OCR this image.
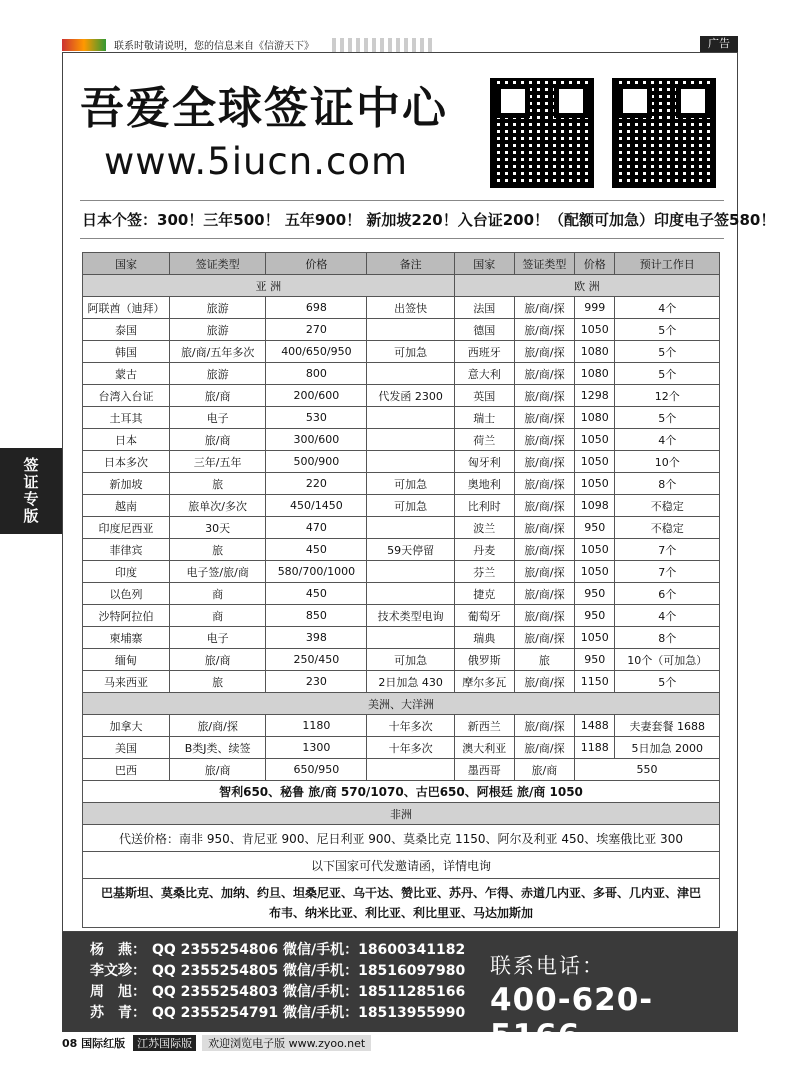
联系时敬请说明，您的信息来自《信游天下》	广告
签证专版
吾爱全球签证中心
www.5iucn.com
日本个签：300！三年500！ 五年900！ 新加坡220！入台证200！（配额可加急）印度电子签580！
国家	签证类型	价格	备注	国家	签证类型	价格	预计工作日
亚 洲				欧 洲			
阿联酋（迪拜）	旅游	698	出签快	法国	旅/商/探	999	4个
泰国	旅游	270		德国	旅/商/探	1050	5个
韩国	旅/商/五年多次	400/650/950	可加急	西班牙	旅/商/探	1080	5个
蒙古	旅游	800		意大利	旅/商/探	1080	5个
台湾入台证	旅/商	200/600	代发函 2300	英国	旅/商/探	1298	12个
土耳其	电子	530		瑞士	旅/商/探	1080	5个
日本	旅/商	300/600		荷兰	旅/商/探	1050	4个
日本多次	三年/五年	500/900		匈牙利	旅/商/探	1050	10个
新加坡	旅	220	可加急	奥地利	旅/商/探	1050	8个
越南	旅单次/多次	450/1450	可加急	比利时	旅/商/探	1098	不稳定
印度尼西亚	30天	470		波兰	旅/商/探	950	不稳定
菲律宾	旅	450	59天停留	丹麦	旅/商/探	1050	7个
印度	电子签/旅/商	580/700/1000		芬兰	旅/商/探	1050	7个
以色列	商	450		捷克	旅/商/探	950	6个
沙特阿拉伯	商	850	技术类型电询	葡萄牙	旅/商/探	950	4个
柬埔寨	电子	398		瑞典	旅/商/探	1050	8个
缅甸	旅/商	250/450	可加急	俄罗斯	旅	950	10个（可加急）
马来西亚	旅	230	2日加急 430	摩尔多瓦	旅/商/探	1150	5个
美洲、大洋洲							
加拿大	旅/商/探	1180	十年多次	新西兰	旅/商/探	1488	夫妻套餐 1688
美国	B类J类、续签	1300	十年多次	澳大利亚	旅/商/探	1188	5日加急 2000
巴西	旅/商	650/950		墨西哥	旅/商	550	
智利650、秘鲁 旅/商 570/1070、古巴650、阿根廷 旅/商 1050							
非洲							
代送价格：南非 950、肯尼亚 900、尼日利亚 900、莫桑比克 1150、阿尔及利亚 450、埃塞俄比亚 300							
以下国家可代发邀请函，详情电询							
巴基斯坦、莫桑比克、加纳、约旦、坦桑尼亚、乌干达、赞比亚、苏丹、乍得、赤道几内亚、多哥、几内亚、津巴布韦、纳米比亚、利比亚、利比里亚、马达加斯加							
杨　燕： QQ 2355254806 微信/手机：18600341182
李文珍： QQ 2355254805 微信/手机：18516097980
周　旭： QQ 2355254803 微信/手机：18511285166
苏　青： QQ 2355254791 微信/手机：18513955990
联系电话：
400-620-5166
08 国际红版	江苏国际版	欢迎浏览电子版 www.zyoo.net
